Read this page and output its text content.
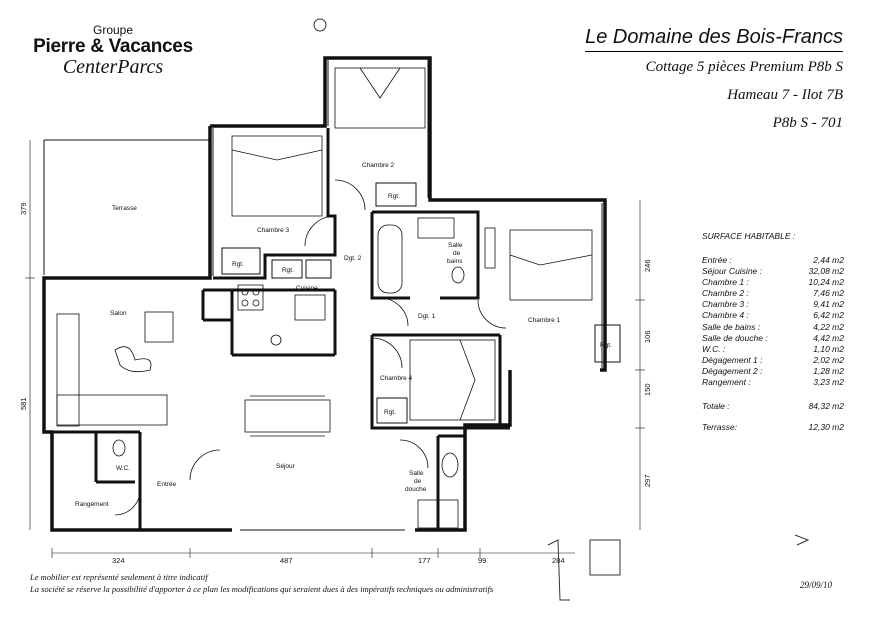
Groupe
Pierre & Vacances
CenterParcs
Le Domaine des Bois-Francs
Cottage 5 pièces Premium P8b S
Hameau 7 - Ilot 7B
P8b S - 701
Terrasse
Salon
Chambre 2
Chambre 3
Chambre 1
Chambre 4
Cuisine
Séjour
Entrée
Rangement
W.C.
Dgt. 1
Dgt. 2
Salle
de
bains
Salle
de
douche
Rgt.
Rgt.
Rgt.
Rgt.
Rgt.
324	487	177	99	284
379
581
246
106
150
297
SURFACE HABITABLE :
Entrée :	2,44 m2
Séjour Cuisine :	32,08 m2
Chambre 1 :	10,24 m2
Chambre 2 :	7,46 m2
Chambre 3 :	9,41 m2
Chambre 4 :	6,42 m2
Salle de bains :	4,22 m2
Salle de douche :	4,42 m2
W.C. :	1,10 m2
Dégagement 1 :	2,02 m2
Dégagement 2 :	1,28 m2
Rangement :	3,23 m2
Totale :	84,32 m2
Terrasse:	12,30 m2
Le mobilier est représenté seulement à titre indicatif
La société se réserve la possibilité d'apporter à ce plan les modifications qui seraient dues à des impératifs techniques ou administratifs	29/09/10
